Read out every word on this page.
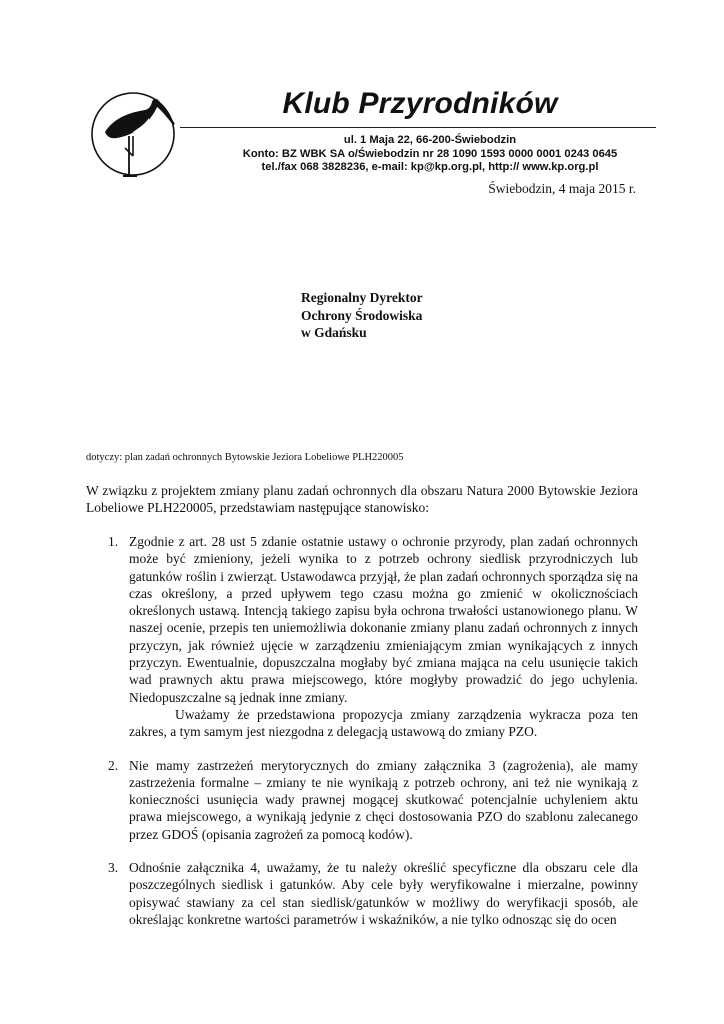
Klub Przyrodników
ul. 1 Maja 22, 66-200-Świebodzin
Konto: BZ WBK SA o/Świebodzin nr 28 1090 1593 0000 0001 0243 0645
tel./fax 068 3828236, e-mail: kp@kp.org.pl, http:// www.kp.org.pl
Świebodzin, 4 maja 2015 r.
Regionalny Dyrektor
Ochrony Środowiska
w Gdańsku
dotyczy: plan zadań ochronnych Bytowskie Jeziora Lobeliowe PLH220005

W związku z projektem zmiany planu zadań ochronnych dla obszaru Natura 2000 Bytowskie Jeziora Lobeliowe PLH220005, przedstawiam następujące stanowisko:

1. Zgodnie z art. 28 ust 5 zdanie ostatnie ustawy o ochronie przyrody, plan zadań ochronnych może być zmieniony, jeżeli wynika to z potrzeb ochrony siedlisk przyrodniczych lub gatunków roślin i zwierząt. Ustawodawca przyjął, że plan zadań ochronnych sporządza się na czas określony, a przed upływem tego czasu można go zmienić w okolicznościach określonych ustawą. Intencją takiego zapisu była ochrona trwałości ustanowionego planu. W naszej ocenie, przepis ten uniemożliwia dokonanie zmiany planu zadań ochronnych z innych przyczyn, jak również ujęcie w zarządzeniu zmieniającym zmian wynikających z innych przyczyn. Ewentualnie, dopuszczalna mogłaby być zmiana mająca na celu usunięcie takich wad prawnych aktu prawa miejscowego, które mogłyby prowadzić do jego uchylenia. Niedopuszczalne są jednak inne zmiany.

Uważamy że przedstawiona propozycja zmiany zarządzenia wykracza poza ten zakres, a tym samym jest niezgodna z delegacją ustawową do zmiany PZO.

2. Nie mamy zastrzeżeń merytorycznych do zmiany załącznika 3 (zagrożenia), ale mamy zastrzeżenia formalne – zmiany te nie wynikają z potrzeb ochrony, ani też nie wynikają z konieczności usunięcia wady prawnej mogącej skutkować potencjalnie uchyleniem aktu prawa miejscowego, a wynikają jedynie z chęci dostosowania PZO do szablonu zalecanego przez GDOŚ (opisania zagrożeń za pomocą kodów).

3. Odnośnie załącznika 4, uważamy, że tu należy określić specyficzne dla obszaru cele dla poszczególnych siedlisk i gatunków. Aby cele były weryfikowalne i mierzalne, powinny opisywać stawiany za cel stan siedlisk/gatunków w możliwy do weryfikacji sposób, ale określając konkretne wartości parametrów i wskaźników, a nie tylko odnosząc się do ocen
